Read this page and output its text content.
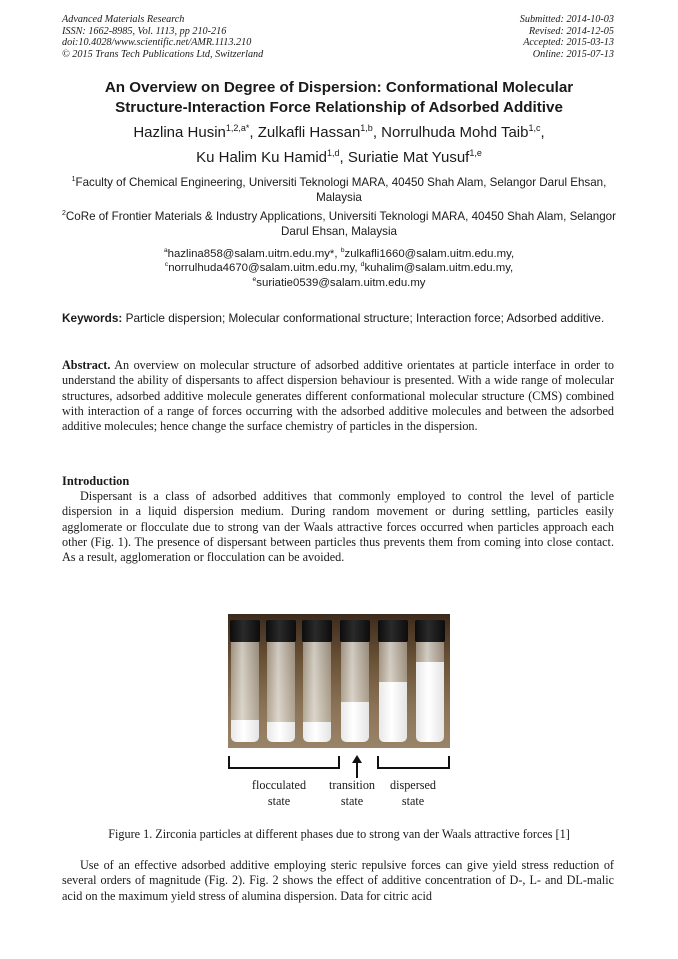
Advanced Materials Research
ISSN: 1662-8985, Vol. 1113, pp 210-216
doi:10.4028/www.scientific.net/AMR.1113.210
© 2015 Trans Tech Publications Ltd, Switzerland
Submitted: 2014-10-03
Revised: 2014-12-05
Accepted: 2015-03-13
Online: 2015-07-13
An Overview on Degree of Dispersion: Conformational Molecular
Structure-Interaction Force Relationship of Adsorbed Additive
Hazlina Husin$^{1,2,a*}$, Zulkafli Hassan$^{1,b}$, Norrulhuda Mohd Taib$^{1,c}$,
Ku Halim Ku Hamid$^{1,d}$, Suriatie Mat Yusuf$^{1,e}$
$^1$Faculty of Chemical Engineering, Universiti Teknologi MARA, 40450 Shah Alam, Selangor Darul Ehsan, Malaysia
$^2$CoRe of Frontier Materials & Industry Applications, Universiti Teknologi MARA, 40450 Shah Alam, Selangor Darul Ehsan, Malaysia
$^a$hazlina858@salam.uitm.edu.my*, $^b$zulkafli1660@salam.uitm.edu.my,
$^c$norrulhuda4670@salam.uitm.edu.my, $^d$kuhalim@salam.uitm.edu.my,
$^e$suriatie0539@salam.uitm.edu.my
Keywords: Particle dispersion; Molecular conformational structure; Interaction force; Adsorbed additive.
Abstract. An overview on molecular structure of adsorbed additive orientates at particle interface in order to understand the ability of dispersants to affect dispersion behaviour is presented. With a wide range of molecular structures, adsorbed additive molecule generates different conformational molecular structure (CMS) combined with interaction of a range of forces occurring with the adsorbed additive molecules and between the adsorbed additive molecules; hence change the surface chemistry of particles in the dispersion.
Introduction
Dispersant is a class of adsorbed additives that commonly employed to control the level of particle dispersion in a liquid dispersion medium. During random movement or during settling, particles easily agglomerate or flocculate due to strong van der Waals attractive forces occurred when particles approach each other (Fig. 1). The presence of dispersant between particles thus prevents them from coming into close contact. As a result, agglomeration or flocculation can be avoided.
flocculated
state
transition
state
dispersed
state
Figure 1. Zirconia particles at different phases due to strong van der Waals attractive forces [1]
Use of an effective adsorbed additive employing steric repulsive forces can give yield stress reduction of several orders of magnitude (Fig. 2). Fig. 2 shows the effect of additive concentration of D-, L- and DL-malic acid on the maximum yield stress of alumina dispersion. Data for citric acid
